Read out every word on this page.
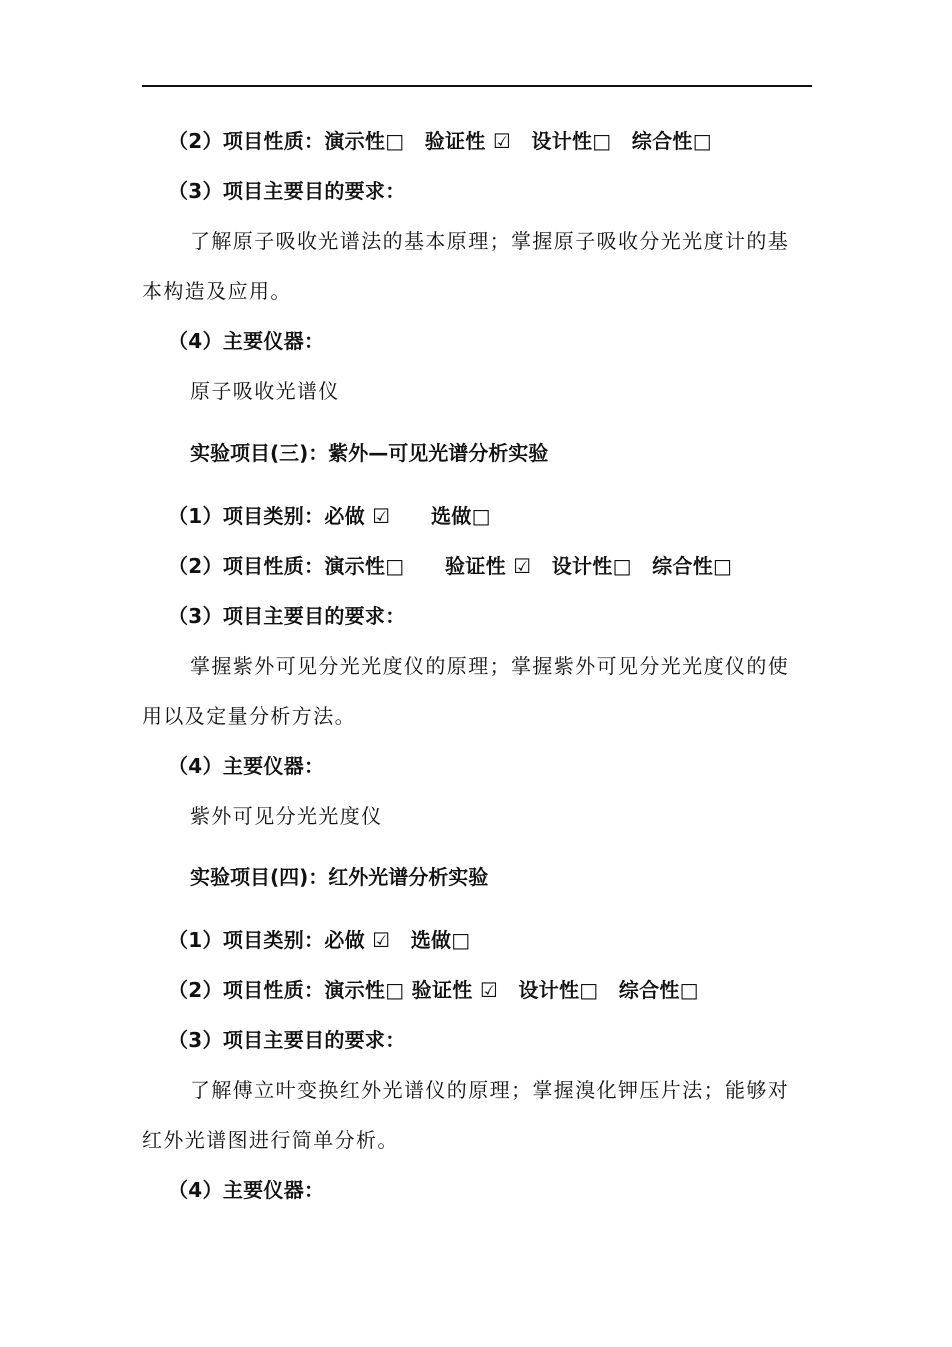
（2）项目性质：演示性□　验证性 ☑　设计性□　综合性□
（3）项目主要目的要求：
了解原子吸收光谱法的基本原理；掌握原子吸收分光光度计的基
本构造及应用。
（4）主要仪器：
原子吸收光谱仪
实验项目(三)：紫外—可见光谱分析实验
（1）项目类别：必做 ☑　　选做□
（2）项目性质：演示性□　　验证性 ☑　设计性□　综合性□
（3）项目主要目的要求：
掌握紫外可见分光光度仪的原理；掌握紫外可见分光光度仪的使
用以及定量分析方法。
（4）主要仪器：
紫外可见分光光度仪
实验项目(四)：红外光谱分析实验
（1）项目类别：必做 ☑　选做□
（2）项目性质：演示性□ 验证性 ☑　设计性□　综合性□
（3）项目主要目的要求：
了解傅立叶变换红外光谱仪的原理；掌握溴化钾压片法；能够对
红外光谱图进行简单分析。
（4）主要仪器：
